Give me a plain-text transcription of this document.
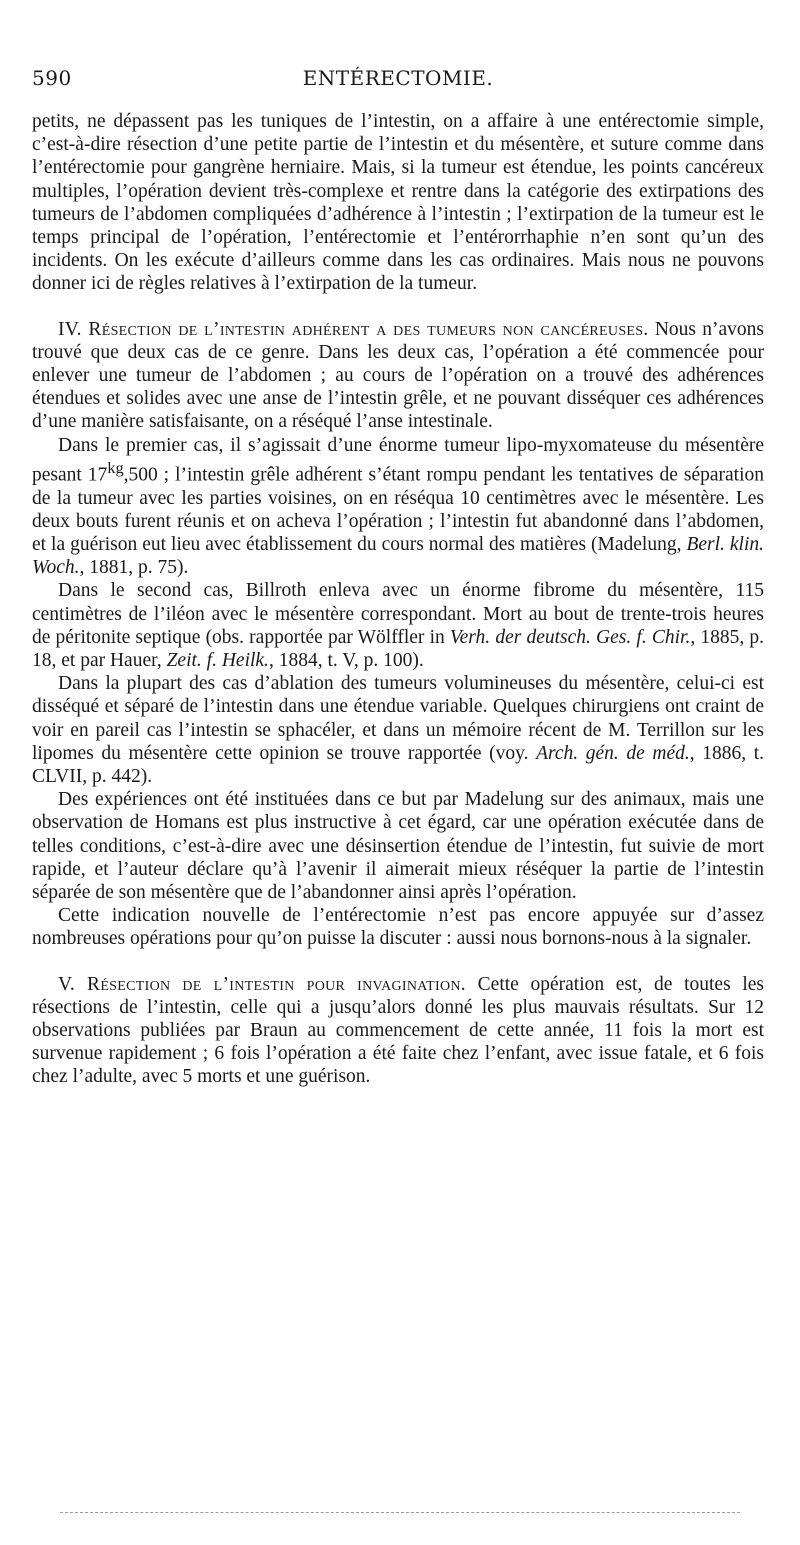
590	ENTÉRECTOMIE.

petits, ne dépassent pas les tuniques de l’intestin, on a affaire à une entérectomie simple, c’est-à-dire résection d’une petite partie de l’intestin et du mésentère, et suture comme dans l’entérectomie pour gangrène herniaire. Mais, si la tumeur est étendue, les points cancéreux multiples, l’opération devient très-complexe et rentre dans la catégorie des extirpations des tumeurs de l’abdomen compliquées d’adhérence à l’intestin ; l’extirpation de la tumeur est le temps principal de l’opération, l’entérectomie et l’entérorrhaphie n’en sont qu’un des incidents. On les exécute d’ailleurs comme dans les cas ordinaires. Mais nous ne pouvons donner ici de règles relatives à l’extirpation de la tumeur.

IV. Résection de l’intestin adhérent a des tumeurs non cancéreuses. Nous n’avons trouvé que deux cas de ce genre. Dans les deux cas, l’opération a été commencée pour enlever une tumeur de l’abdomen ; au cours de l’opération on a trouvé des adhérences étendues et solides avec une anse de l’intestin grêle, et ne pouvant disséquer ces adhérences d’une manière satisfaisante, on a réséqué l’anse intestinale.

Dans le premier cas, il s’agissait d’une énorme tumeur lipo-myxomateuse du mésentère pesant $17^{kg},500$ ; l’intestin grêle adhérent s’étant rompu pendant les tentatives de séparation de la tumeur avec les parties voisines, on en réséqua 10 centimètres avec le mésentère. Les deux bouts furent réunis et on acheva l’opération ; l’intestin fut abandonné dans l’abdomen, et la guérison eut lieu avec établissement du cours normal des matières (Madelung, Berl. klin. Woch., 1881, p. 75).

Dans le second cas, Billroth enleva avec un énorme fibrome du mésentère, 115 centimètres de l’iléon avec le mésentère correspondant. Mort au bout de trente-trois heures de péritonite septique (obs. rapportée par Wölffler in Verh. der deutsch. Ges. f. Chir., 1885, p. 18, et par Hauer, Zeit. f. Heilk., 1884, t. V, p. 100).

Dans la plupart des cas d’ablation des tumeurs volumineuses du mésentère, celui-ci est disséqué et séparé de l’intestin dans une étendue variable. Quelques chirurgiens ont craint de voir en pareil cas l’intestin se sphacéler, et dans un mémoire récent de M. Terrillon sur les lipomes du mésentère cette opinion se trouve rapportée (voy. Arch. gén. de méd., 1886, t. CLVII, p. 442).

Des expériences ont été instituées dans ce but par Madelung sur des animaux, mais une observation de Homans est plus instructive à cet égard, car une opération exécutée dans de telles conditions, c’est-à-dire avec une désinsertion étendue de l’intestin, fut suivie de mort rapide, et l’auteur déclare qu’à l’avenir il aimerait mieux réséquer la partie de l’intestin séparée de son mésentère que de l’abandonner ainsi après l’opération.

Cette indication nouvelle de l’entérectomie n’est pas encore appuyée sur d’assez nombreuses opérations pour qu’on puisse la discuter : aussi nous bornons-nous à la signaler.

V. Résection de l’intestin pour invagination. Cette opération est, de toutes les résections de l’intestin, celle qui a jusqu’alors donné les plus mauvais résultats. Sur 12 observations publiées par Braun au commencement de cette année, 11 fois la mort est survenue rapidement ; 6 fois l’opération a été faite chez l’enfant, avec issue fatale, et 6 fois chez l’adulte, avec 5 morts et une guérison.
